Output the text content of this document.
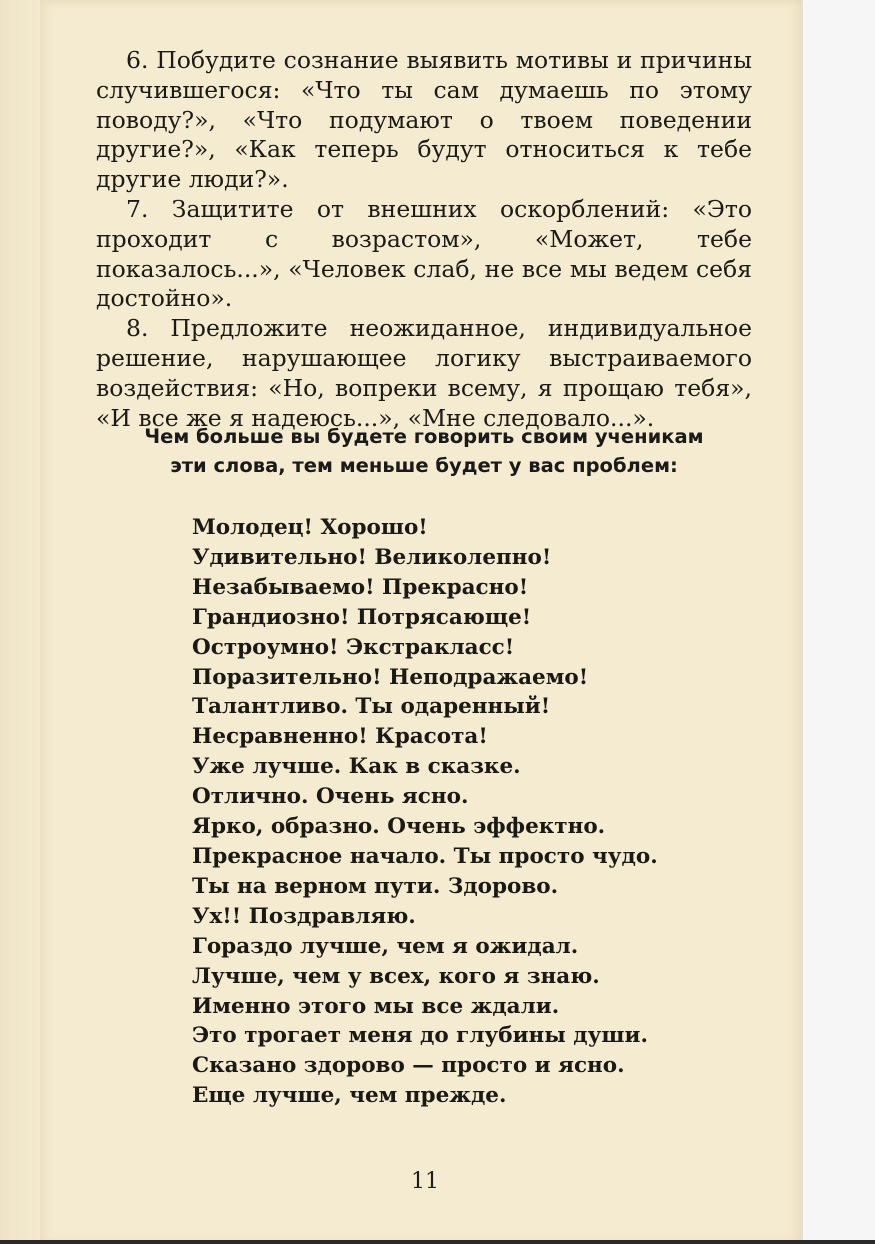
6. Побудите сознание выявить мотивы и причины случившегося: «Что ты сам думаешь по этому поводу?», «Что подумают о твоем поведении другие?», «Как теперь будут относиться к тебе другие люди?».

7. Защитите от внешних оскорблений: «Это проходит с возрастом», «Может, тебе показалось...», «Человек слаб, не все мы ведем себя достойно».

8. Предложите неожиданное, индивидуальное решение, нарушающее логику выстраиваемого воздействия: «Но, вопреки всему, я прощаю тебя», «И все же я надеюсь...», «Мне следовало...».

Чем больше вы будете говорить своим ученикам
эти слова, тем меньше будет у вас проблем:
Молодец! Хорошо!
Удивительно! Великолепно!
Незабываемо! Прекрасно!
Грандиозно! Потрясающе!
Остроумно! Экстракласс!
Поразительно! Неподражаемо!
Талантливо. Ты одаренный!
Несравненно! Красота!
Уже лучше. Как в сказке.
Отлично. Очень ясно.
Ярко, образно. Очень эффектно.
Прекрасное начало. Ты просто чудо.
Ты на верном пути. Здорово.
Ух!! Поздравляю.
Гораздо лучше, чем я ожидал.
Лучше, чем у всех, кого я знаю.
Именно этого мы все ждали.
Это трогает меня до глубины души.
Сказано здорово — просто и ясно.
Еще лучше, чем прежде.
11
